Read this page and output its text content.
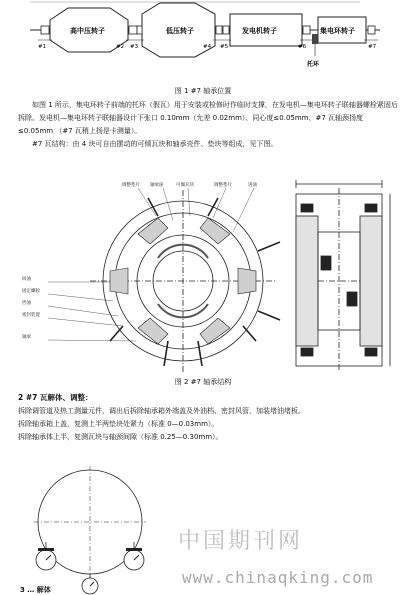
高中压转子	低压转子	发电机转子	集电环转子
托环
#1	#2 #3	#4 #5	#6	#7
图 1 #7 轴承位置

如图 1 所示，集电环转子前端的托环（假瓦）用于安装或检修时作临时支撑，在发电机—集电环转子联轴器螺栓紧固后拆除。发电机—集电环转子联轴器设计下张口 0.10mm（允差 0.02mm）、同心度≤0.05mm、#7 瓦轴颈扬度≤0.05mm （#7 瓦稍上扬是卡测量）。

#7 瓦结构：由 4 块可自由摆动的可倾瓦块和轴承壳件、垫块等组成，见下图。

调整垫片 轴承座	可倾瓦块	调整垫片	进油
回油
固定螺栓
挡油
密封装置
轴承
图 2 #7 轴承结构
2 #7 瓦解体、调整：

拆除调管道及热工测量元件，调出后拆除轴承箱外端盖及外油档、密封风管，加装堵油堵板。

拆除轴承箱上盖，复测上半两垫块处紧力（标准 0—0.03mm）。

拆除轴承体上半，复测瓦块与轴颈间隙（标准 0.25—0.30mm）。

中国期刊网
www.chinaqking.com
3 … 解体
